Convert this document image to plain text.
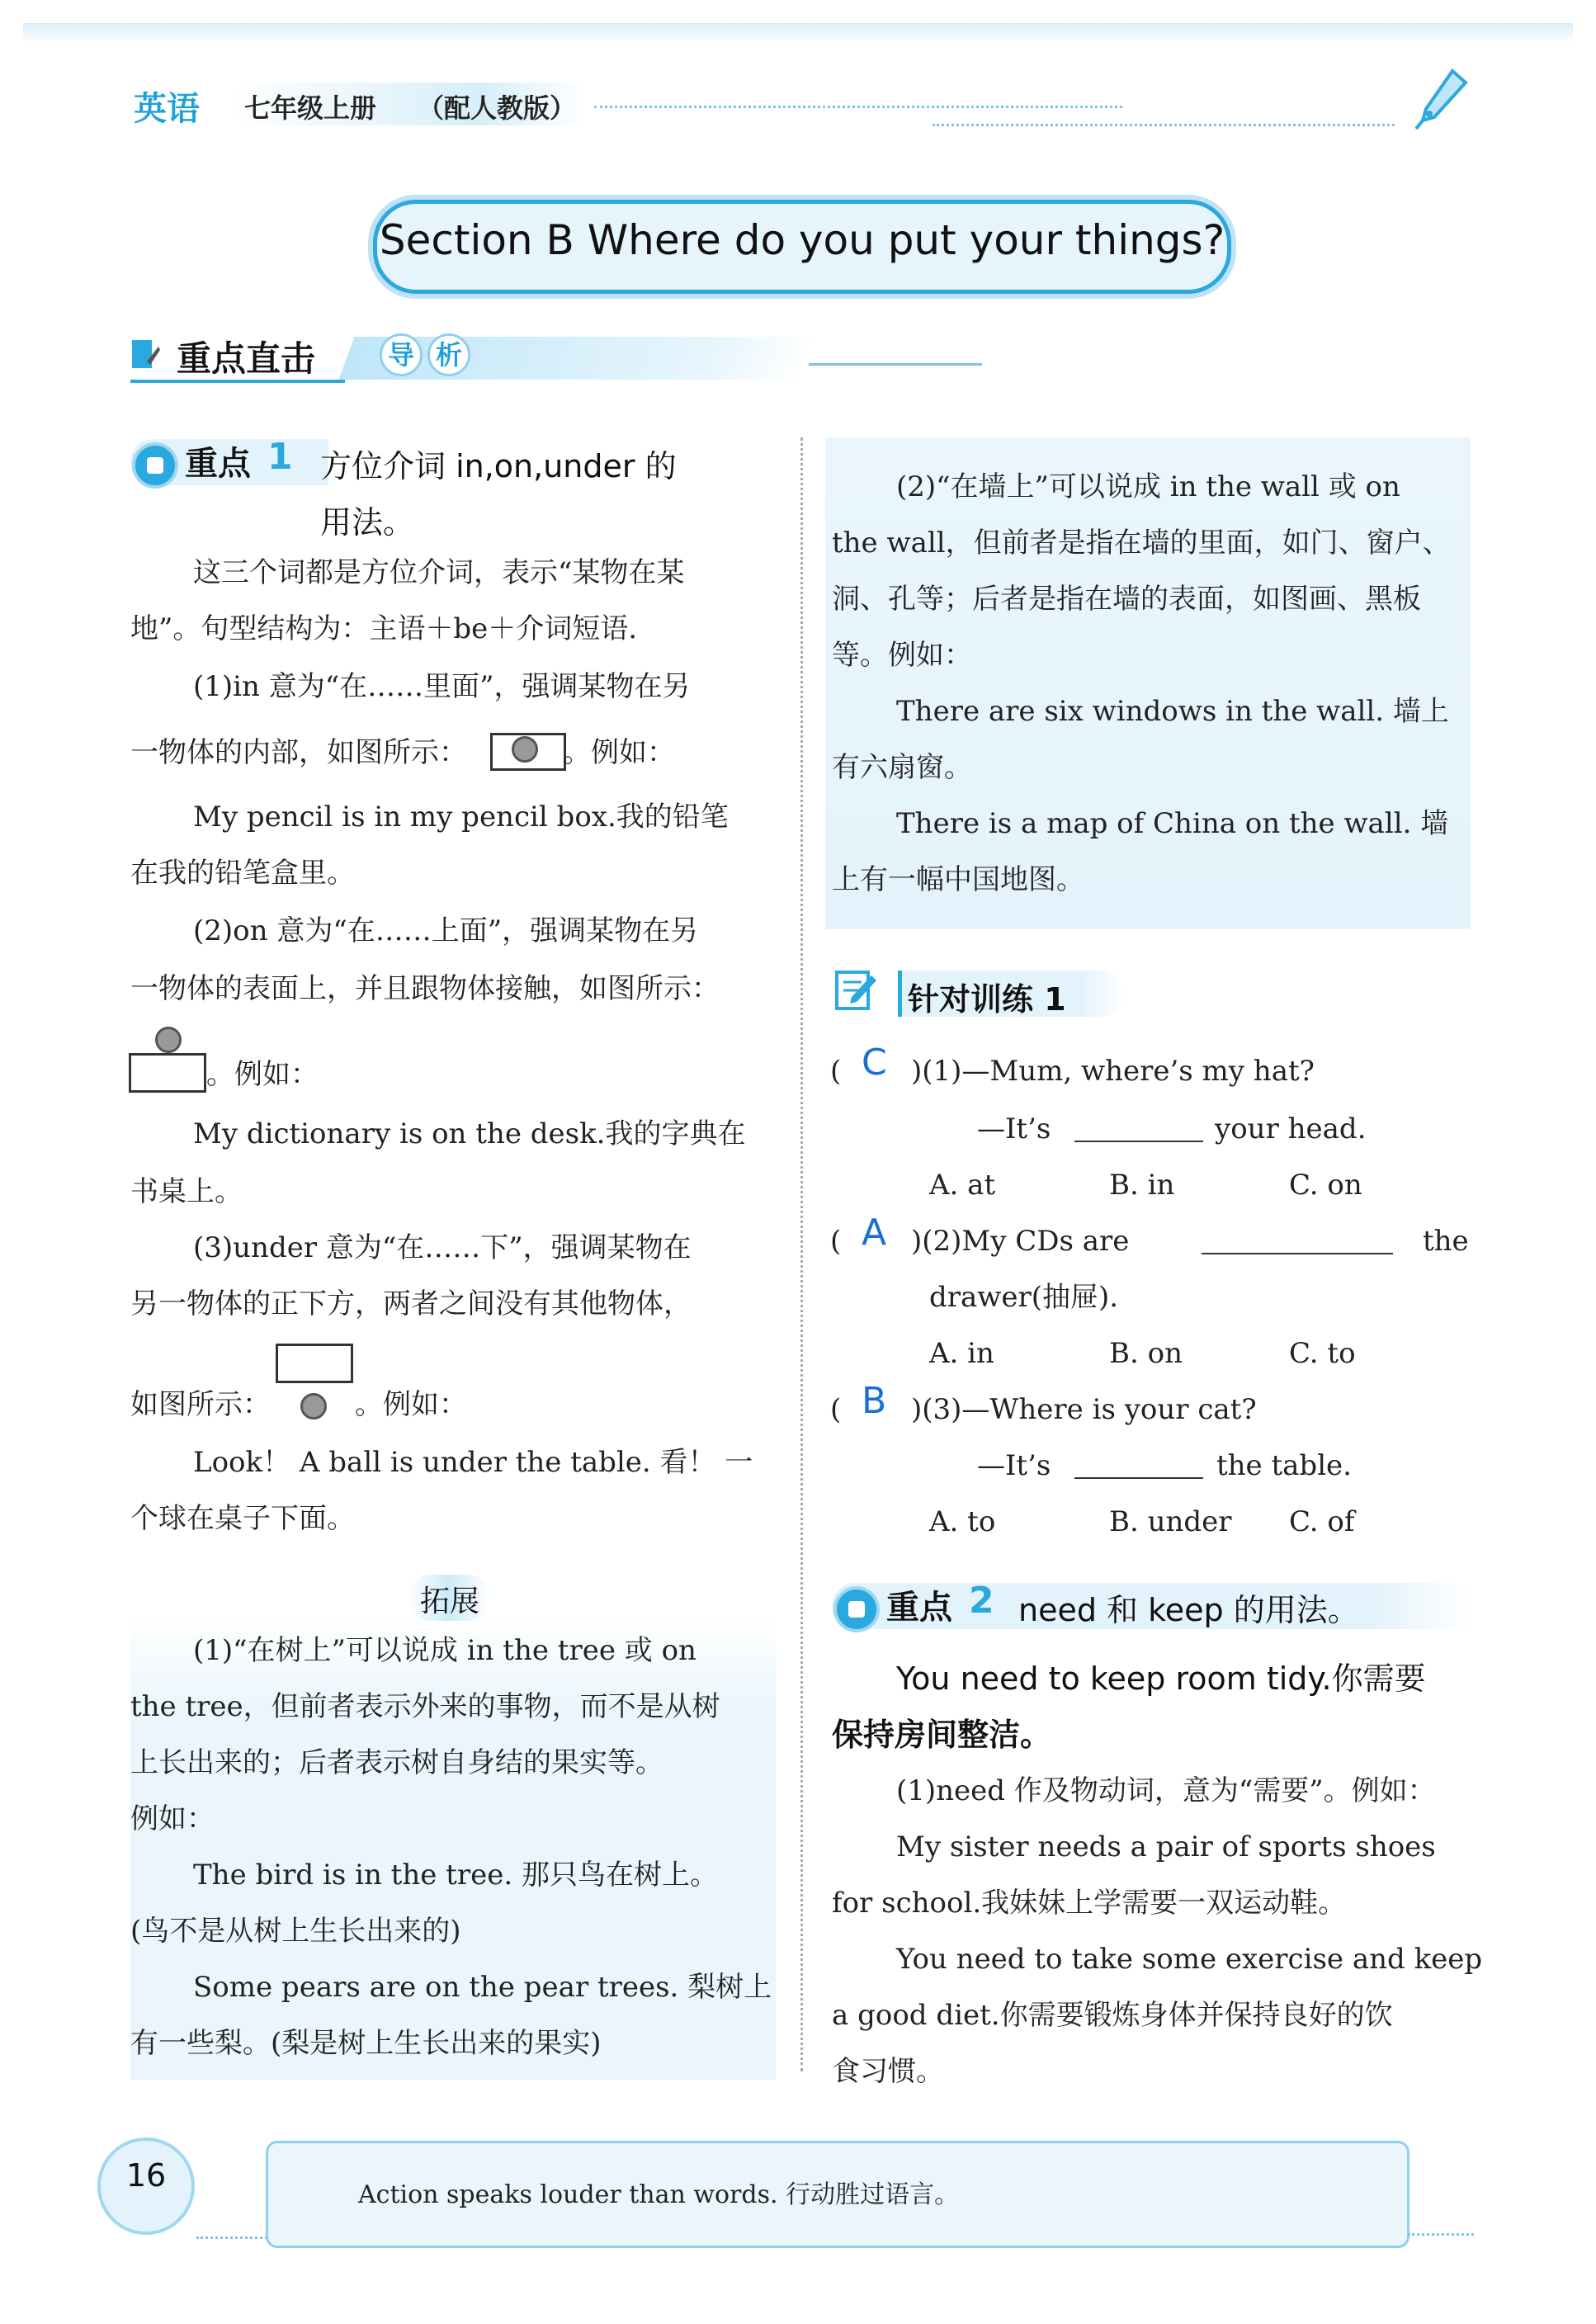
英语 七年级上册 （配人教版）
Section B Where do you put your things?
重点直击	导 析
重点 1 方位介词 in,on,under 的
用法。
这三个词都是方位介词，表示“某物在某
地”。句型结构为：主语＋be＋介词短语.
(1)in 意为“在……里面”，强调某物在另
一物体的内部，如图所示：	。例如：
My pencil is in my pencil box.我的铅笔
在我的铅笔盒里。
(2)on 意为“在……上面”，强调某物在另
一物体的表面上，并且跟物体接触，如图所示：
。例如：
My dictionary is on the desk.我的字典在
书桌上。
(3)under 意为“在……下”，强调某物在
另一物体的正下方，两者之间没有其他物体，
如图所示：	。例如：
Look！ A ball is under the table. 看！ 一
个球在桌子下面。
拓展
(1)“在树上”可以说成 in the tree 或 on
the tree，但前者表示外来的事物，而不是从树
上长出来的；后者表示树自身结的果实等。
例如：
The bird is in the tree. 那只鸟在树上。
(鸟不是从树上生长出来的)
Some pears are on the pear trees. 梨树上
有一些梨。(梨是树上生长出来的果实)
(2)“在墙上”可以说成 in the wall 或 on
the wall，但前者是指在墙的里面，如门、窗户、
洞、孔等；后者是指在墙的表面，如图画、黑板
等。例如：
There are six windows in the wall. 墙上
有六扇窗。
There is a map of China on the wall. 墙
上有一幅中国地图。
针对训练 1
( C )(1)—Mum, where’s my hat?
—It’s	your head.
A. at	B. in	C. on
( A )(2)My CDs are	the
drawer(抽屉).
A. in	B. on	C. to
( B )(3)—Where is your cat?
—It’s	the table.
A. to	B. under C. of
重点 2 need 和 keep 的用法。
You need to keep room tidy.你需要
保持房间整洁。
(1)need 作及物动词，意为“需要”。例如：
My sister needs a pair of sports shoes
for school.我妹妹上学需要一双运动鞋。
You need to take some exercise and keep
a good diet.你需要锻炼身体并保持良好的饮
食习惯。
16
Action speaks louder than words. 行动胜过语言。
